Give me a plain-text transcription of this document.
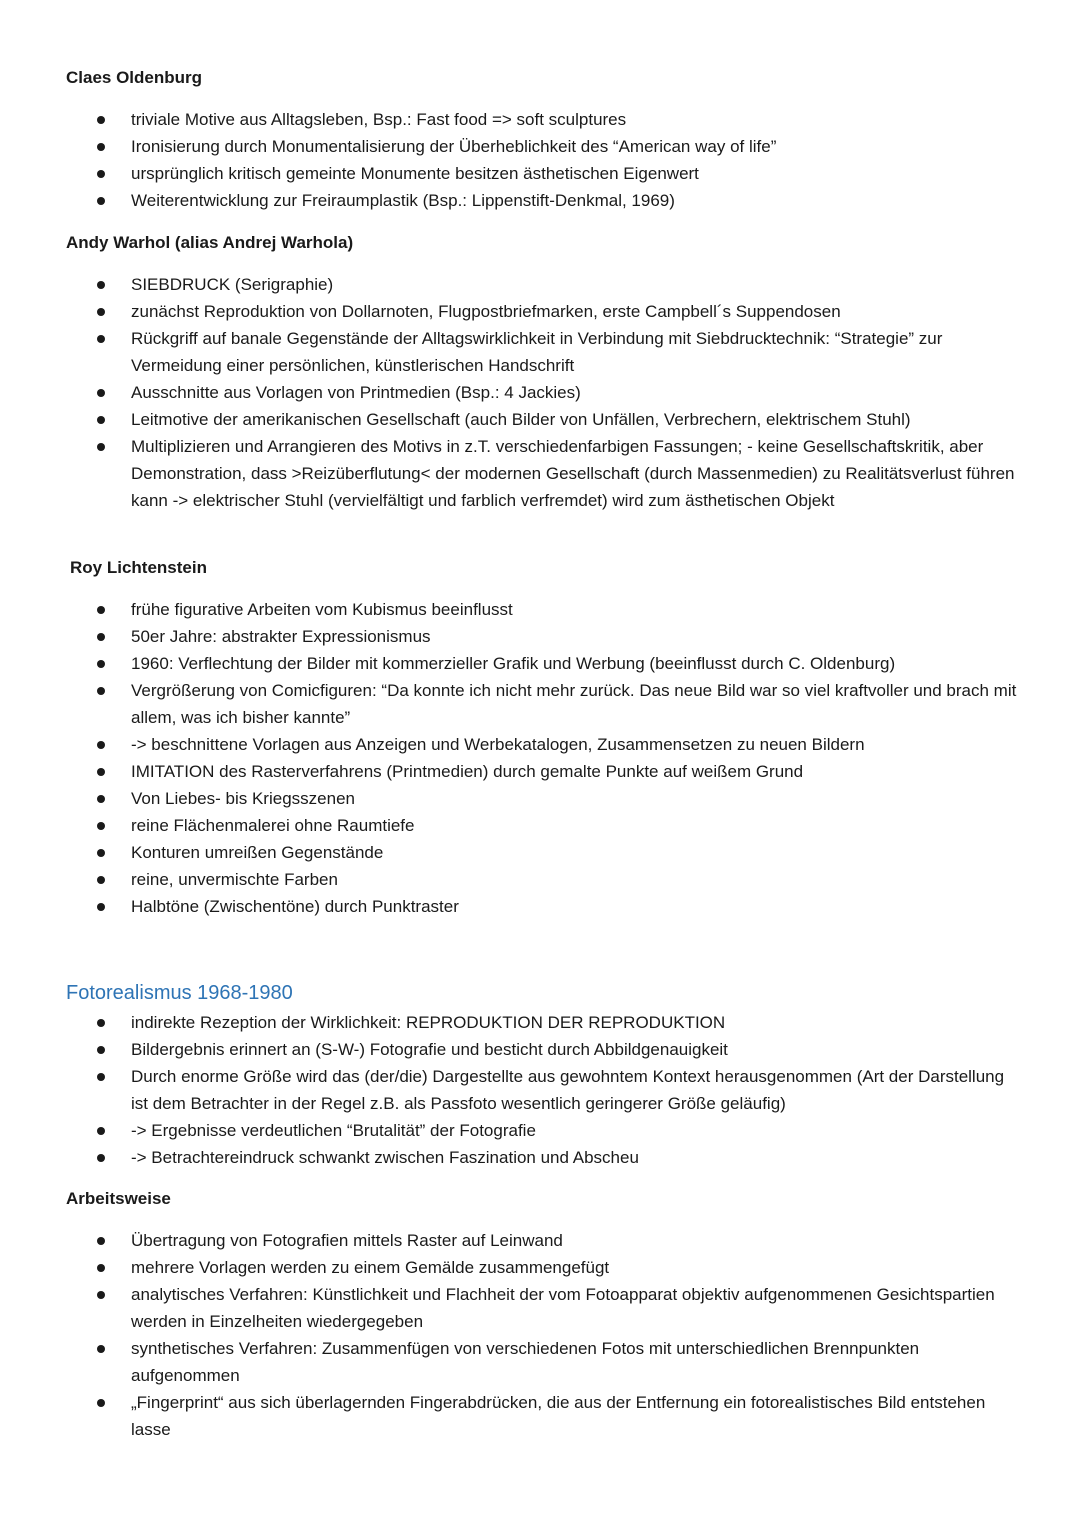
Claes Oldenburg
triviale Motive aus Alltagsleben, Bsp.: Fast food => soft sculptures
Ironisierung durch Monumentalisierung der Überheblichkeit des “American way of life”
ursprünglich kritisch gemeinte Monumente besitzen ästhetischen Eigenwert
Weiterentwicklung zur Freiraumplastik (Bsp.: Lippenstift-Denkmal, 1969)
Andy Warhol (alias Andrej Warhola)
SIEBDRUCK (Serigraphie)
zunächst Reproduktion von Dollarnoten, Flugpostbriefmarken, erste Campbell´s Suppendosen
Rückgriff auf banale Gegenstände der Alltagswirklichkeit in Verbindung mit Siebdrucktechnik: “Strategie” zur Vermeidung einer persönlichen, künstlerischen Handschrift
Ausschnitte aus Vorlagen von Printmedien (Bsp.: 4 Jackies)
Leitmotive der amerikanischen Gesellschaft (auch Bilder von Unfällen, Verbrechern, elektrischem Stuhl)
Multiplizieren und Arrangieren des Motivs in z.T. verschiedenfarbigen Fassungen; - keine Gesellschaftskritik, aber Demonstration, dass >Reizüberflutung< der modernen Gesellschaft (durch Massenmedien) zu Realitätsverlust führen kann -> elektrischer Stuhl (vervielfältigt und farblich verfremdet) wird zum ästhetischen Objekt
Roy Lichtenstein
frühe figurative Arbeiten vom Kubismus beeinflusst
50er Jahre: abstrakter Expressionismus
1960: Verflechtung der Bilder mit kommerzieller Grafik und Werbung (beeinflusst durch C. Oldenburg)
Vergrößerung von Comicfiguren: “Da konnte ich nicht mehr zurück. Das neue Bild war so viel kraftvoller und brach mit allem, was ich bisher kannte”
-> beschnittene Vorlagen aus Anzeigen und Werbekatalogen, Zusammensetzen zu neuen Bildern
IMITATION des Rasterverfahrens (Printmedien) durch gemalte Punkte auf weißem Grund
Von Liebes- bis Kriegsszenen
reine Flächenmalerei ohne Raumtiefe
Konturen umreißen Gegenstände
reine, unvermischte Farben
Halbtöne (Zwischentöne) durch Punktraster
Fotorealismus 1968-1980
indirekte Rezeption der Wirklichkeit: REPRODUKTION DER REPRODUKTION
Bildergebnis erinnert an (S-W-) Fotografie und besticht durch Abbildgenauigkeit
Durch enorme Größe wird das (der/die) Dargestellte aus gewohntem Kontext herausgenommen (Art der Darstellung ist dem Betrachter in der Regel z.B. als Passfoto wesentlich geringerer Größe geläufig)
-> Ergebnisse verdeutlichen “Brutalität” der Fotografie
-> Betrachtereindruck schwankt zwischen Faszination und Abscheu
Arbeitsweise
Übertragung von Fotografien mittels Raster auf Leinwand
mehrere Vorlagen werden zu einem Gemälde zusammengefügt
analytisches Verfahren: Künstlichkeit und Flachheit der vom Fotoapparat objektiv aufgenommenen Gesichtspartien werden in Einzelheiten wiedergegeben
synthetisches Verfahren: Zusammenfügen von verschiedenen Fotos mit unterschiedlichen Brennpunkten aufgenommen
„Fingerprint“ aus sich überlagernden Fingerabdrücken, die aus der Entfernung ein fotorealistisches Bild entstehen lasse
